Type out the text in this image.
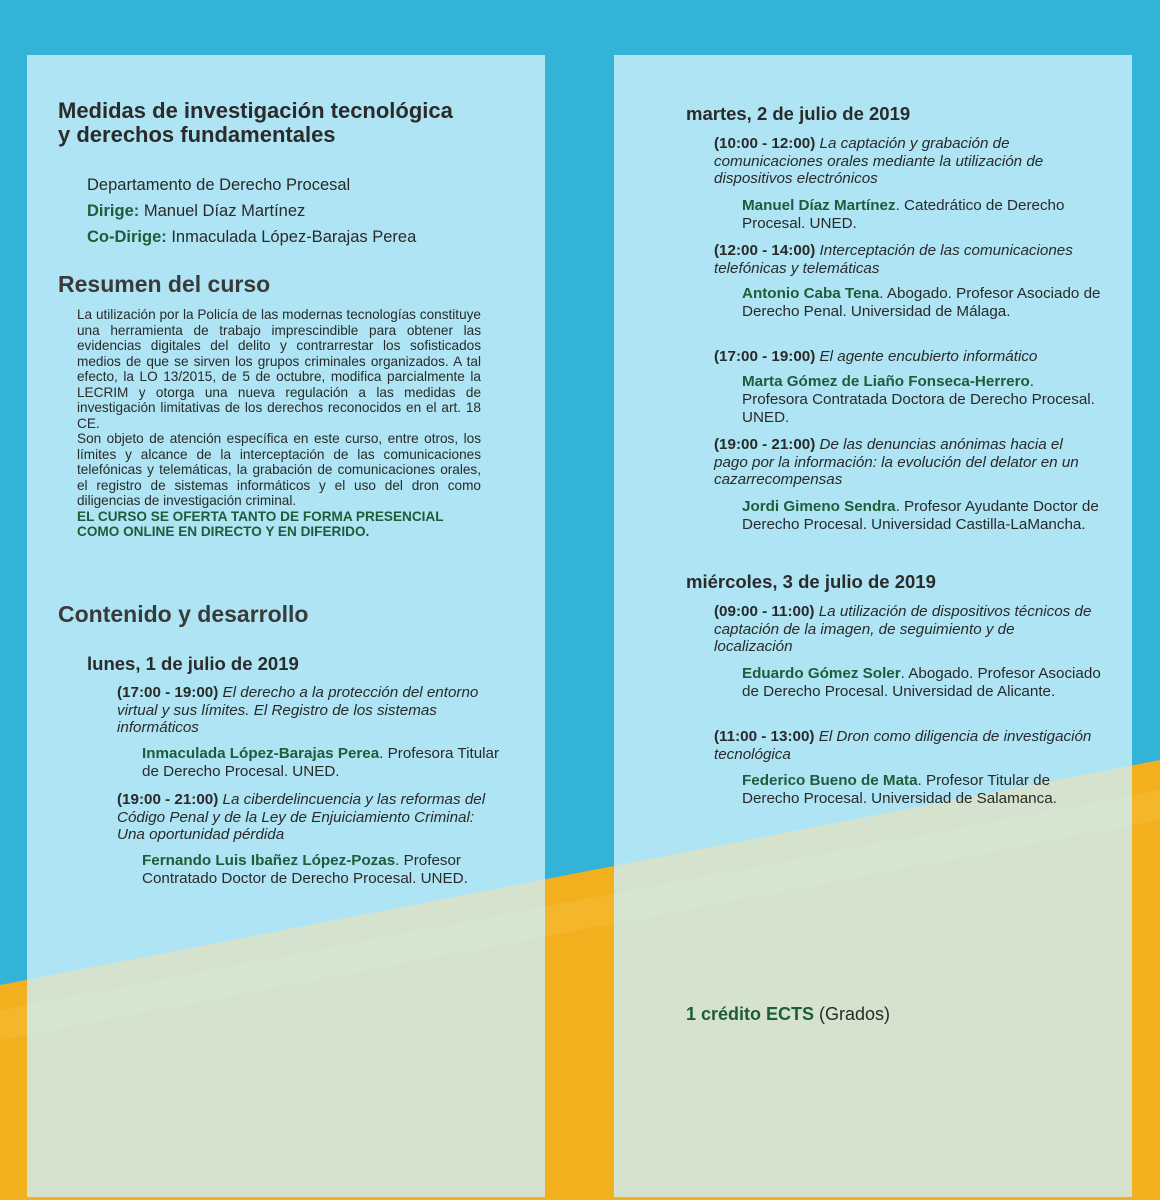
Medidas de investigación tecnológica
y derechos fundamentales

Departamento de Derecho Procesal

Dirige: Manuel Díaz Martínez

Co-Dirige: Inmaculada López-Barajas Perea

Resumen del curso

La utilización por la Policía de las modernas tecnologías constituye una herramienta de trabajo imprescindible para obtener las evidencias digitales del delito y contrarrestar los sofisticados medios de que se sirven los grupos criminales organizados. A tal efecto, la LO 13/2015, de 5 de octubre, modifica parcialmente la LECRIM y otorga una nueva regulación a las medidas de investigación limitativas de los derechos reconocidos en el art. 18 CE.

Son objeto de atención específica en este curso, entre otros, los límites y alcance de la interceptación de las comunicaciones telefónicas y telemáticas, la grabación de comunicaciones orales, el registro de sistemas informáticos y el uso del dron como diligencias de investigación criminal.

EL CURSO SE OFERTA TANTO DE FORMA PRESENCIAL COMO ONLINE EN DIRECTO Y EN DIFERIDO.

Contenido y desarrollo
lunes, 1 de julio de 2019

(17:00 - 19:00) El derecho a la protección del entorno virtual y sus límites. El Registro de los sistemas informáticos

Inmaculada López-Barajas Perea. Profesora Titular de Derecho Procesal. UNED.

(19:00 - 21:00) La ciberdelincuencia y las reformas del Código Penal y de la Ley de Enjuiciamiento Criminal: Una oportunidad pérdida

Fernando Luis Ibañez López-Pozas. Profesor Contratado Doctor de Derecho Procesal. UNED.

martes, 2 de julio de 2019

(10:00 - 12:00) La captación y grabación de comunicaciones orales mediante la utilización de dispositivos electrónicos

Manuel Díaz Martínez. Catedrático de Derecho Procesal. UNED.

(12:00 - 14:00) Interceptación de las comunicaciones telefónicas y telemáticas

Antonio Caba Tena. Abogado. Profesor Asociado de Derecho Penal. Universidad de Málaga.

(17:00 - 19:00) El agente encubierto informático

Marta Gómez de Liaño Fonseca-Herrero. Profesora Contratada Doctora de Derecho Procesal. UNED.

(19:00 - 21:00) De las denuncias anónimas hacia el pago por la información: la evolución del delator en un cazarrecompensas

Jordi Gimeno Sendra. Profesor Ayudante Doctor de Derecho Procesal. Universidad Castilla-LaMancha.

miércoles, 3 de julio de 2019

(09:00 - 11:00) La utilización de dispositivos técnicos de captación de la imagen, de seguimiento y de localización

Eduardo Gómez Soler. Abogado. Profesor Asociado de Derecho Procesal. Universidad de Alicante.

(11:00 - 13:00) El Dron como diligencia de investigación tecnológica

Federico Bueno de Mata. Profesor Titular de Derecho Procesal. Universidad de Salamanca.

1 crédito ECTS (Grados)
